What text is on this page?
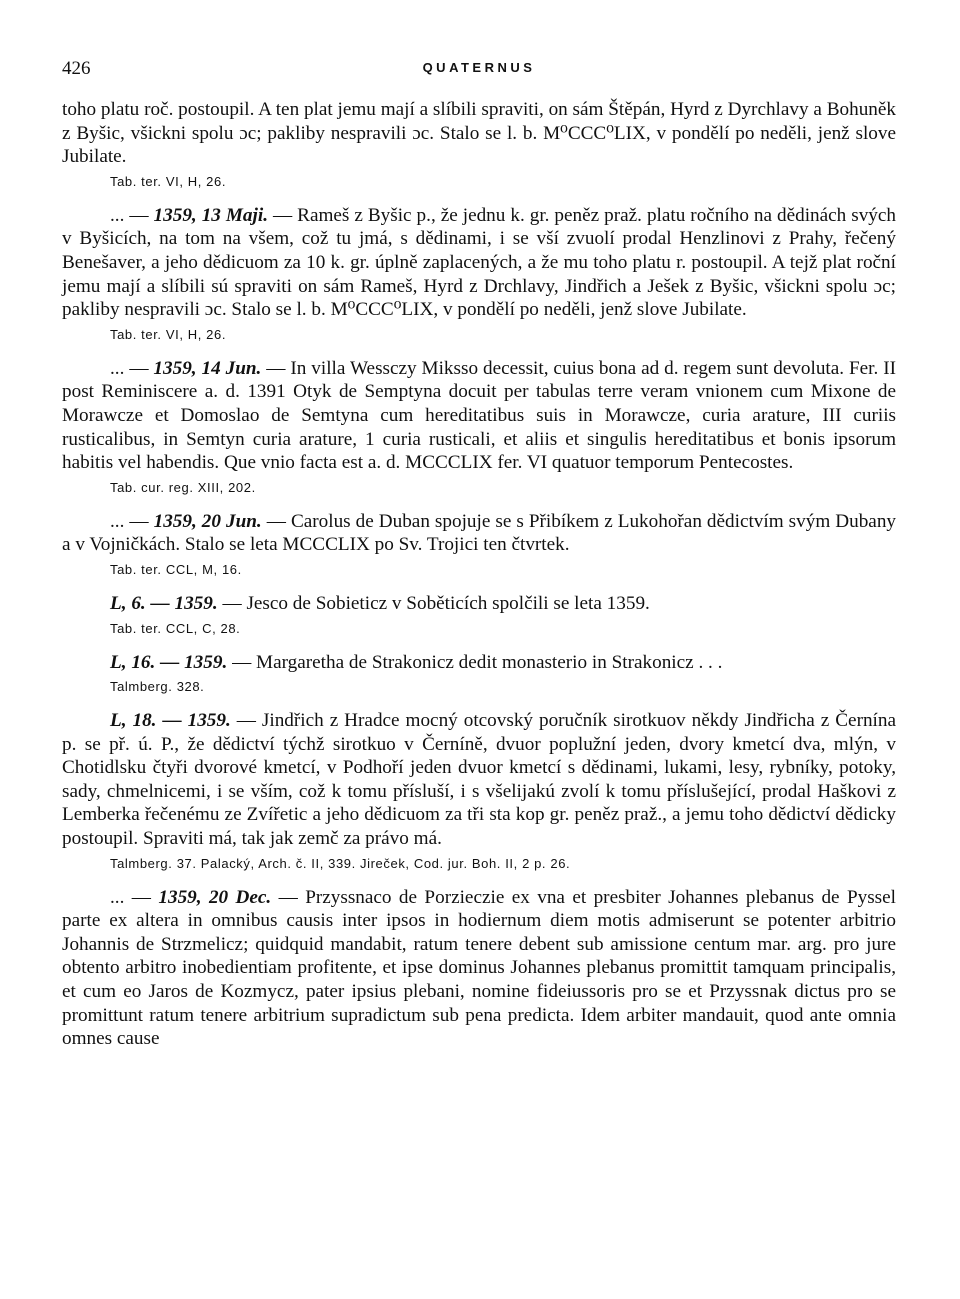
426	QUATERNUS
toho platu roč. postoupil. A ten plat jemu mají a slíbili spraviti, on sám Štěpán, Hyrd z Dyrchlavy a Bohuněk z Byšic, všickni spolu ɔc; pakliby nespravili ɔc. Stalo se l. b. M⁰CCC⁰LIX, v pondělí po neděli, jenž slove Jubilate.
Tab. ter. VI, H, 26.
... — 1359, 13 Maji. — Rameš z Byšic p., že jednu k. gr. peněz praž. platu ročního na dědinách svých v Byšicích, na tom na všem, což tu jmá, s dědinami, i se vší zvuolí prodal Henzlinovi z Prahy, řečený Benešaver, a jeho dědicuom za 10 k. gr. úplně zaplacených, a že mu toho platu r. postoupil. A tejž plat roční jemu mají a slíbili sú spraviti on sám Rameš, Hyrd z Drchlavy, Jindřich a Ješek z Byšic, všickni spolu ɔc; pakliby nespravili ɔc. Stalo se l. b. M⁰CCC⁰LIX, v pondělí po neděli, jenž slove Jubilate.
Tab. ter. VI, H, 26.
... — 1359, 14 Jun. — In villa Wessczy Miksso decessit, cuius bona ad d. regem sunt devoluta. Fer. II post Reminiscere a. d. 1391 Otyk de Semptyna docuit per tabulas terre veram vnionem cum Mixone de Morawcze et Domoslao de Semtyna cum hereditatibus suis in Morawcze, curia arature, III curiis rusticalibus, in Semtyn curia arature, 1 curia rusticali, et aliis et singulis hereditatibus et bonis ipsorum habitis vel habendis. Que vnio facta est a. d. MCCCLIX fer. VI quatuor temporum Pentecostes.
Tab. cur. reg. XIII, 202.
... — 1359, 20 Jun. — Carolus de Duban spojuje se s Přibíkem z Lukohořan dědictvím svým Dubany a v Vojničkách. Stalo se leta MCCCLIX po Sv. Trojici ten čtvrtek.
Tab. ter. CCL, M, 16.
L, 6. — 1359. — Jesco de Sobieticz v Soběticích spolčili se leta 1359.
Tab. ter. CCL, C, 28.
L, 16. — 1359. — Margaretha de Strakonicz dedit monasterio in Strakonicz . . .
Talmberg. 328.
L, 18. — 1359. — Jindřich z Hradce mocný otcovský poručník sirotkuov někdy Jindřicha z Černína p. se př. ú. P., že dědictví týchž sirotkuo v Černíně, dvuor poplužní jeden, dvory kmetcí dva, mlýn, v Chotidlsku čtyři dvorové kmetcí, v Podhoří jeden dvuor kmetcí s dědinami, lukami, lesy, rybníky, potoky, sady, chmelnicemi, i se vším, což k tomu přísluší, i s všelijakú zvolí k tomu příslušející, prodal Haškovi z Lemberka řečenému ze Zvířetic a jeho dědicuom za tři sta kop gr. peněz praž., a jemu toho dědictví dědicky postoupil. Spraviti má, tak jak zemč za právo má.
Talmberg. 37. Palacký, Arch. č. II, 339. Jireček, Cod. jur. Boh. II, 2 p. 26.
... — 1359, 20 Dec. — Przyssnaco de Porzieczie ex vna et presbiter Johannes plebanus de Pyssel parte ex altera in omnibus causis inter ipsos in hodiernum diem motis admiserunt se potenter arbitrio Johannis de Strzmelicz; quidquid mandabit, ratum tenere debent sub amissione centum mar. arg. pro jure obtento arbitro inobedientiam profitente, et ipse dominus Johannes plebanus promittit tamquam principalis, et cum eo Jaros de Kozmycz, pater ipsius plebani, nomine fideiussoris pro se et Przyssnak dictus pro se promittunt ratum tenere arbitrium supradictum sub pena predicta. Idem arbiter mandauit, quod ante omnia omnes cause
